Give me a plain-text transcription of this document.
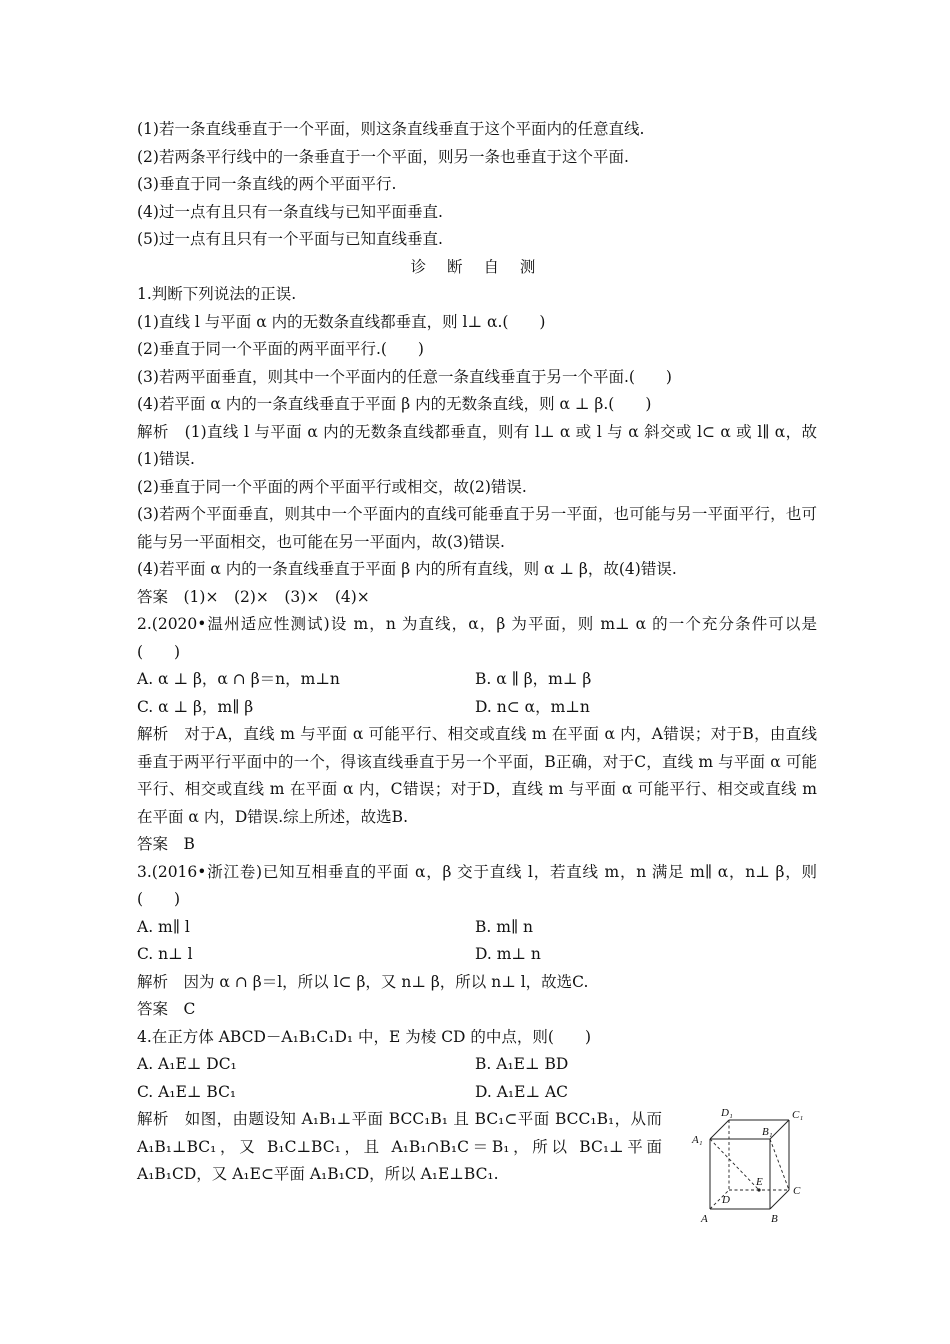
(1)若一条直线垂直于一个平面，则这条直线垂直于这个平面内的任意直线.
(2)若两条平行线中的一条垂直于一个平面，则另一条也垂直于这个平面.
(3)垂直于同一条直线的两个平面平行.
(4)过一点有且只有一条直线与已知平面垂直.
(5)过一点有且只有一个平面与已知直线垂直.
诊 断 自 测
1.判断下列说法的正误.
(1)直线 l 与平面 α 内的无数条直线都垂直，则 l⊥ α.(　　)
(2)垂直于同一个平面的两平面平行.(　　)
(3)若两平面垂直，则其中一个平面内的任意一条直线垂直于另一个平面.(　　)
(4)若平面 α 内的一条直线垂直于平面 β 内的无数条直线，则 α ⊥ β.(　　)
解析　(1)直线 l 与平面 α 内的无数条直线都垂直，则有 l⊥ α 或 l 与 α 斜交或 l⊂ α 或 l∥ α，故(1)错误.
(2)垂直于同一个平面的两个平面平行或相交，故(2)错误.
(3)若两个平面垂直，则其中一个平面内的直线可能垂直于另一平面，也可能与另一平面平行，也可能与另一平面相交，也可能在另一平面内，故(3)错误.
(4)若平面 α 内的一条直线垂直于平面 β 内的所有直线，则 α ⊥ β，故(4)错误.
答案　(1)×　(2)×　(3)×　(4)×
2.(2020•温州适应性测试)设 m，n 为直线，α，β 为平面，则 m⊥ α 的一个充分条件可以是(　　)
A. α ⊥ β，α ∩ β＝n，m⊥n	B. α ∥ β，m⊥ β
C. α ⊥ β，m∥ β	D. n⊂ α，m⊥n
解析　对于A，直线 m 与平面 α 可能平行、相交或直线 m 在平面 α 内，A错误；对于B，由直线垂直于两平行平面中的一个，得该直线垂直于另一个平面，B正确，对于C，直线 m 与平面 α 可能平行、相交或直线 m 在平面 α 内，C错误；对于D，直线 m 与平面 α 可能平行、相交或直线 m 在平面 α 内，D错误.综上所述，故选B.
答案　B
3.(2016•浙江卷)已知互相垂直的平面 α，β 交于直线 l，若直线 m，n 满足 m∥ α，n⊥ β，则(　　)
A. m∥ l	B. m∥ n
C. n⊥ l	D. m⊥ n
解析　因为 α ∩ β＝l，所以 l⊂ β，又 n⊥ β，所以 n⊥ l，故选C.
答案　C
4.在正方体 ABCD－A₁B₁C₁D₁ 中，E 为棱 CD 的中点，则(　　)
A. A₁E⊥ DC₁	B. A₁E⊥ BD
C. A₁E⊥ BC₁	D. A₁E⊥ AC
解析　如图，由题设知 A₁B₁⊥平面 BCC₁B₁ 且 BC₁⊂平面 BCC₁B₁，从而 A₁B₁⊥BC₁，又 B₁C⊥BC₁，且 A₁B₁∩B₁C＝B₁，所以 BC₁⊥平面 A₁B₁CD，又 A₁E⊂平面 A₁B₁CD，所以 A₁E⊥BC₁.
D₁	C₁
A₁
B₁
E
D
C
A	B
